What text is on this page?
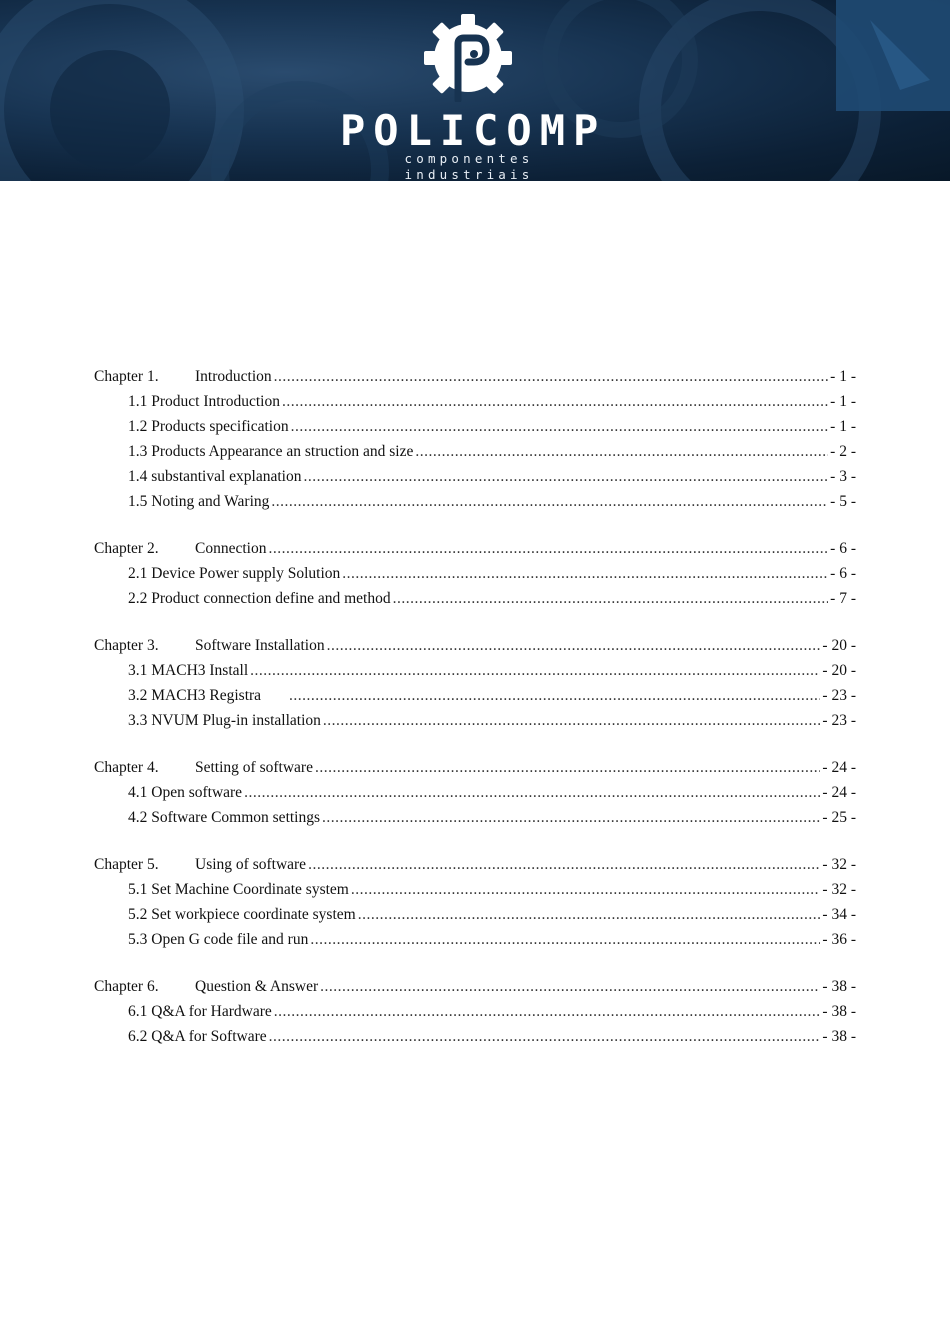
POLICOMP
componentes industriais
Chapter 1.	Introduction .....	- 1 -
1.1 Product Introduction .....	- 1 -
1.2 Products specification .....	- 1 -
1.3 Products Appearance an struction and size .....	- 2 -
1.4 substantival explanation .....	- 3 -
1.5 Noting and Waring .....	- 5 -
Chapter 2.	Connection .....	- 6 -
2.1 Device Power supply Solution .....	- 6 -
2.2 Product connection define and method .....	- 7 -
Chapter 3.	Software Installation .....	- 20 -
3.1 MACH3 Install .....	- 20 -
3.2 MACH3 Registra .....	- 23 -
3.3 NVUM Plug-in installation .....	- 23 -
Chapter 4.	Setting of software .....	- 24 -
4.1 Open software .....	- 24 -
4.2 Software Common settings .....	- 25 -
Chapter 5.	Using of software .....	- 32 -
5.1 Set Machine Coordinate system .....	- 32 -
5.2 Set workpiece coordinate system .....	- 34 -
5.3 Open G code file and run .....	- 36 -
Chapter 6.	Question & Answer .....	- 38 -
6.1 Q&A for Hardware .....	- 38 -
6.2 Q&A for Software .....	- 38 -
